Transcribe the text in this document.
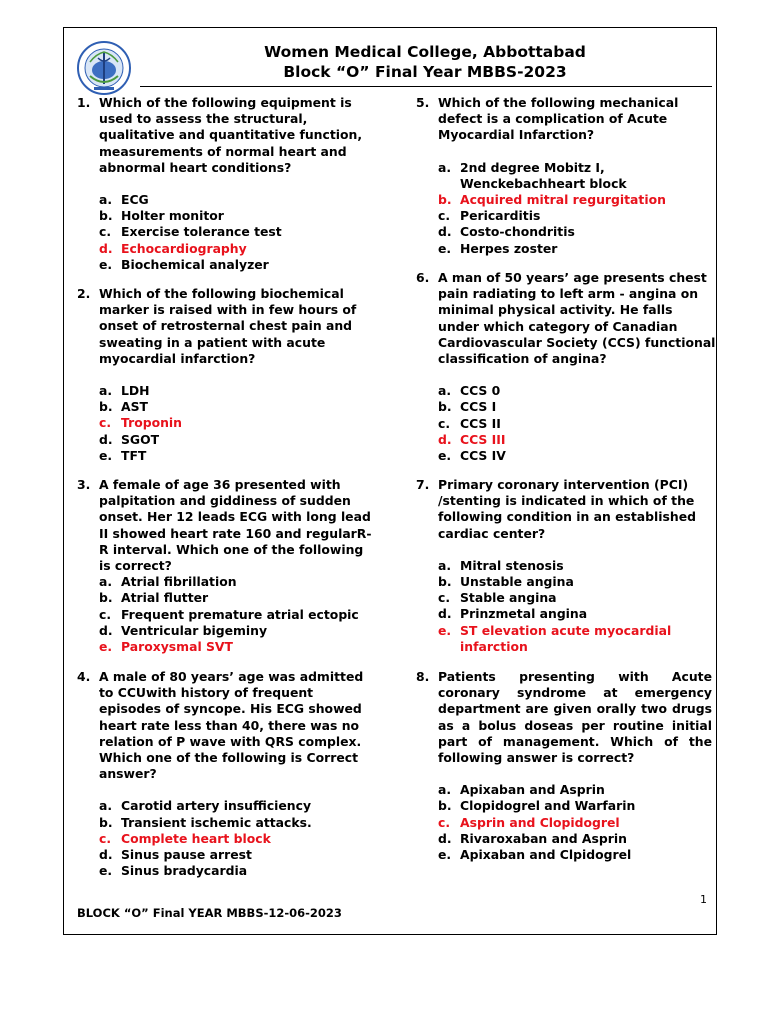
Women Medical College, Abbottabad
Block “O” Final Year MBBS-2023
1. Which of the following equipment is used to assess the structural, qualitative and quantitative function, measurements of normal heart and abnormal heart conditions?
a. ECG
b. Holter monitor
c. Exercise tolerance test
d. Echocardiography
e. Biochemical analyzer
2. Which of the following biochemical marker is raised with in few hours of onset of retrosternal chest pain and sweating in a patient with acute myocardial infarction?
a. LDH
b. AST
c. Troponin
d. SGOT
e. TFT
3. A female of age 36 presented with palpitation and giddiness of sudden onset. Her 12 leads ECG with long lead II showed heart rate 160 and regularR-R interval. Which one of the following is correct?
a. Atrial fibrillation
b. Atrial flutter
c. Frequent premature atrial ectopic
d. Ventricular bigeminy
e. Paroxysmal SVT
4. A male of 80 years’ age was admitted to CCUwith history of frequent episodes of syncope. His ECG showed heart rate less than 40, there was no relation of P wave with QRS complex. Which one of the following is Correct answer?
a. Carotid artery insufficiency
b. Transient ischemic attacks.
c. Complete heart block
d. Sinus pause arrest
e. Sinus bradycardia
5. Which of the following mechanical defect is a complication of Acute Myocardial Infarction?
a. 2nd degree Mobitz I, Wenckebachheart block
b. Acquired mitral regurgitation
c. Pericarditis
d. Costo-chondritis
e. Herpes zoster
6. A man of 50 years’ age presents chest pain radiating to left arm - angina on minimal physical activity. He falls under which category of Canadian Cardiovascular Society (CCS) functional classification of angina?
a. CCS 0
b. CCS I
c. CCS II
d. CCS III
e. CCS IV
7. Primary coronary intervention (PCI) /stenting is indicated in which of the following condition in an established cardiac center?
a. Mitral stenosis
b. Unstable angina
c. Stable angina
d. Prinzmetal angina
e. ST elevation acute myocardial infarction
8. Patients presenting with Acute coronary syndrome at emergency department are given orally two drugs as a bolus doseas per routine initial part of management. Which of the following answer is correct?
a. Apixaban and Asprin
b. Clopidogrel and Warfarin
c. Asprin and Clopidogrel
d. Rivaroxaban and Asprin
e. Apixaban and Clpidogrel
1
BLOCK “O” Final YEAR MBBS-12-06-2023
